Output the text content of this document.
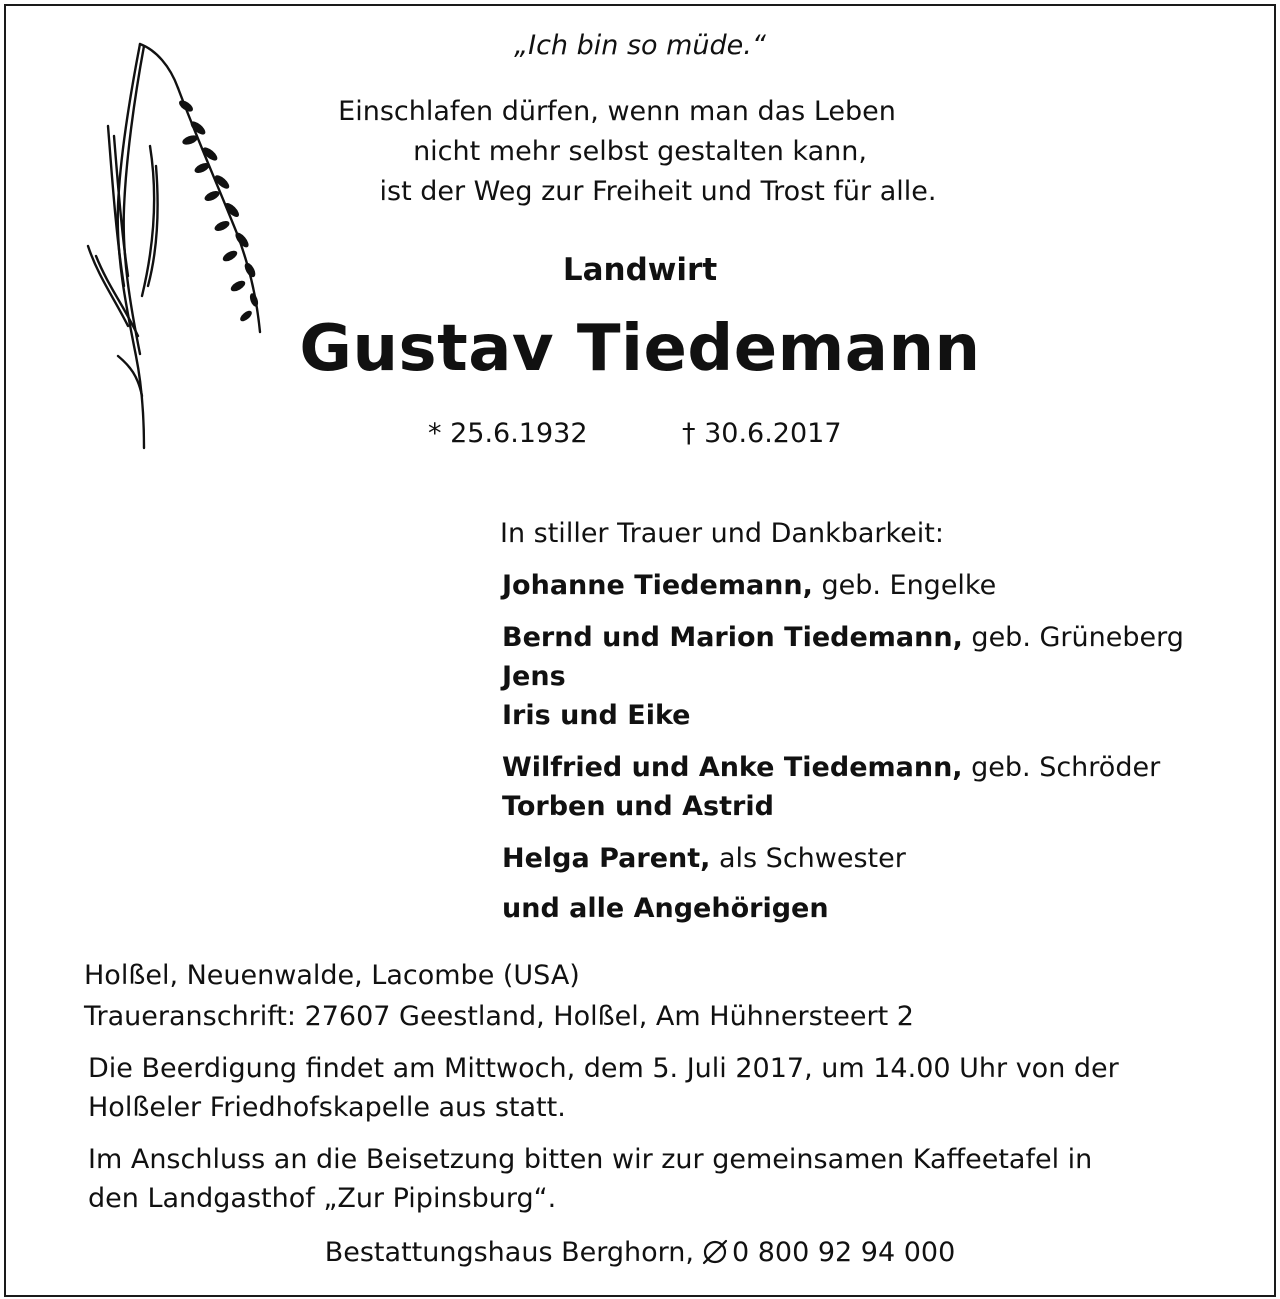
„Ich bin so müde.“
Einschlafen dürfen, wenn man das Leben
nicht mehr selbst gestalten kann,
ist der Weg zur Freiheit und Trost für alle.
Landwirt
Gustav Tiedemann
* 25.6.1932	† 30.6.2017
In stiller Trauer und Dankbarkeit:
Johanne Tiedemann, geb. Engelke
Bernd und Marion Tiedemann, geb. Grüneberg
Jens
Iris und Eike
Wilfried und Anke Tiedemann, geb. Schröder
Torben und Astrid
Helga Parent, als Schwester
und alle Angehörigen
Holßel, Neuenwalde, Lacombe (USA)
Traueranschrift: 27607 Geestland, Holßel, Am Hühnersteert 2
Die Beerdigung findet am Mittwoch, dem 5. Juli 2017, um 14.00 Uhr von der
Holßeler Friedhofskapelle aus statt.
Im Anschluss an die Beisetzung bitten wir zur gemeinsamen Kaffeetafel in
den Landgasthof „Zur Pipinsburg“.
Bestattungshaus Berghorn, 0 800 92 94 000
